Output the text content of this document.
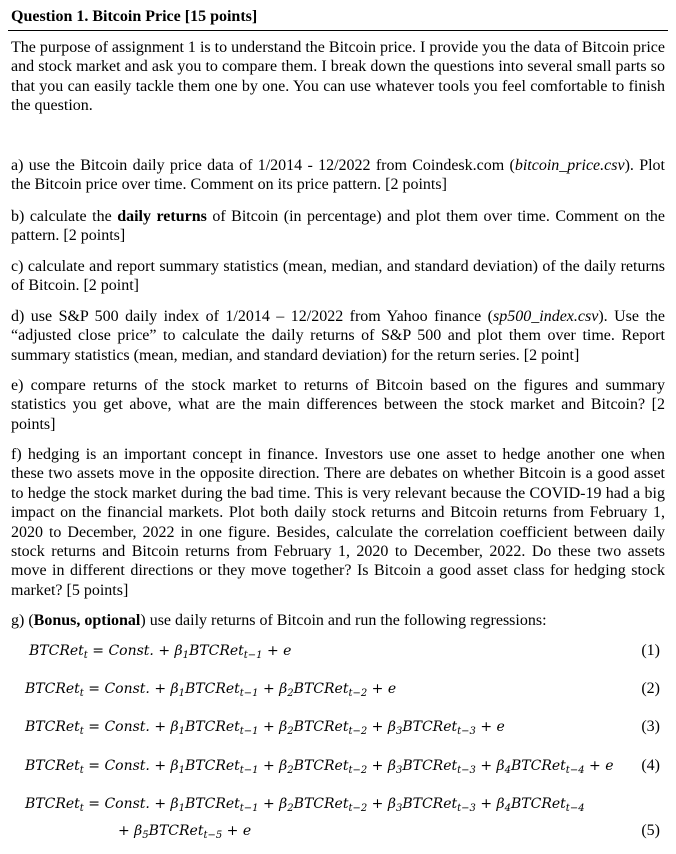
Question 1. Bitcoin Price [15 points]
The purpose of assignment 1 is to understand the Bitcoin price. I provide you the data of Bitcoin price and stock market and ask you to compare them. I break down the questions into several small parts so that you can easily tackle them one by one. You can use whatever tools you feel comfortable to finish the question.
a) use the Bitcoin daily price data of 1/2014 - 12/2022 from Coindesk.com (bitcoin_price.csv). Plot the Bitcoin price over time. Comment on its price pattern. [2 points]
b) calculate the daily returns of Bitcoin (in percentage) and plot them over time. Comment on the pattern. [2 points]
c) calculate and report summary statistics (mean, median, and standard deviation) of the daily returns of Bitcoin. [2 point]
d) use S&P 500 daily index of 1/2014 – 12/2022 from Yahoo finance (sp500_index.csv). Use the “adjusted close price” to calculate the daily returns of S&P 500 and plot them over time. Report summary statistics (mean, median, and standard deviation) for the return series. [2 point]
e) compare returns of the stock market to returns of Bitcoin based on the figures and summary statistics you get above, what are the main differences between the stock market and Bitcoin? [2 points]
f) hedging is an important concept in finance. Investors use one asset to hedge another one when these two assets move in the opposite direction. There are debates on whether Bitcoin is a good asset to hedge the stock market during the bad time. This is very relevant because the COVID-19 had a big impact on the financial markets. Plot both daily stock returns and Bitcoin returns from February 1, 2020 to December, 2022 in one figure. Besides, calculate the correlation coefficient between daily stock returns and Bitcoin returns from February 1, 2020 to December, 2022. Do these two assets move in different directions or they move together? Is Bitcoin a good asset class for hedging stock market? [5 points]
g) (Bonus, optional) use daily returns of Bitcoin and run the following regressions:
BTCRet$_t$ = Const. + $\beta_1BTCRet_{t-1} + e$	(1)
BTCRet$_t$ = Const. + $\beta_1BTCRet_{t-1}$ + $\beta_2BTCRet_{t-2} + e$	(2)
BTCRet$_t$ = Const. + $\beta_1BTCRet_{t-1}$ + $\beta_2BTCRet_{t-2}$ + $\beta_3BTCRet_{t-3} + e$	(3)
BTCRet$_t$ = Const. + $\beta_1BTCRet_{t-1}$ + $\beta_2BTCRet_{t-2}$ + $\beta_3BTCRet_{t-3}$ + $\beta_4BTCRet_{t-4} + e$ (4)
BTCRet$_t$ = Const. + $\beta_1BTCRet_{t-1}$ + $\beta_2BTCRet_{t-2}$ + $\beta_3BTCRet_{t-3}$ + $\beta_4BTCRet_{t-4}$
+ $\beta_5BTCRet_{t-5} + e$	(5)
